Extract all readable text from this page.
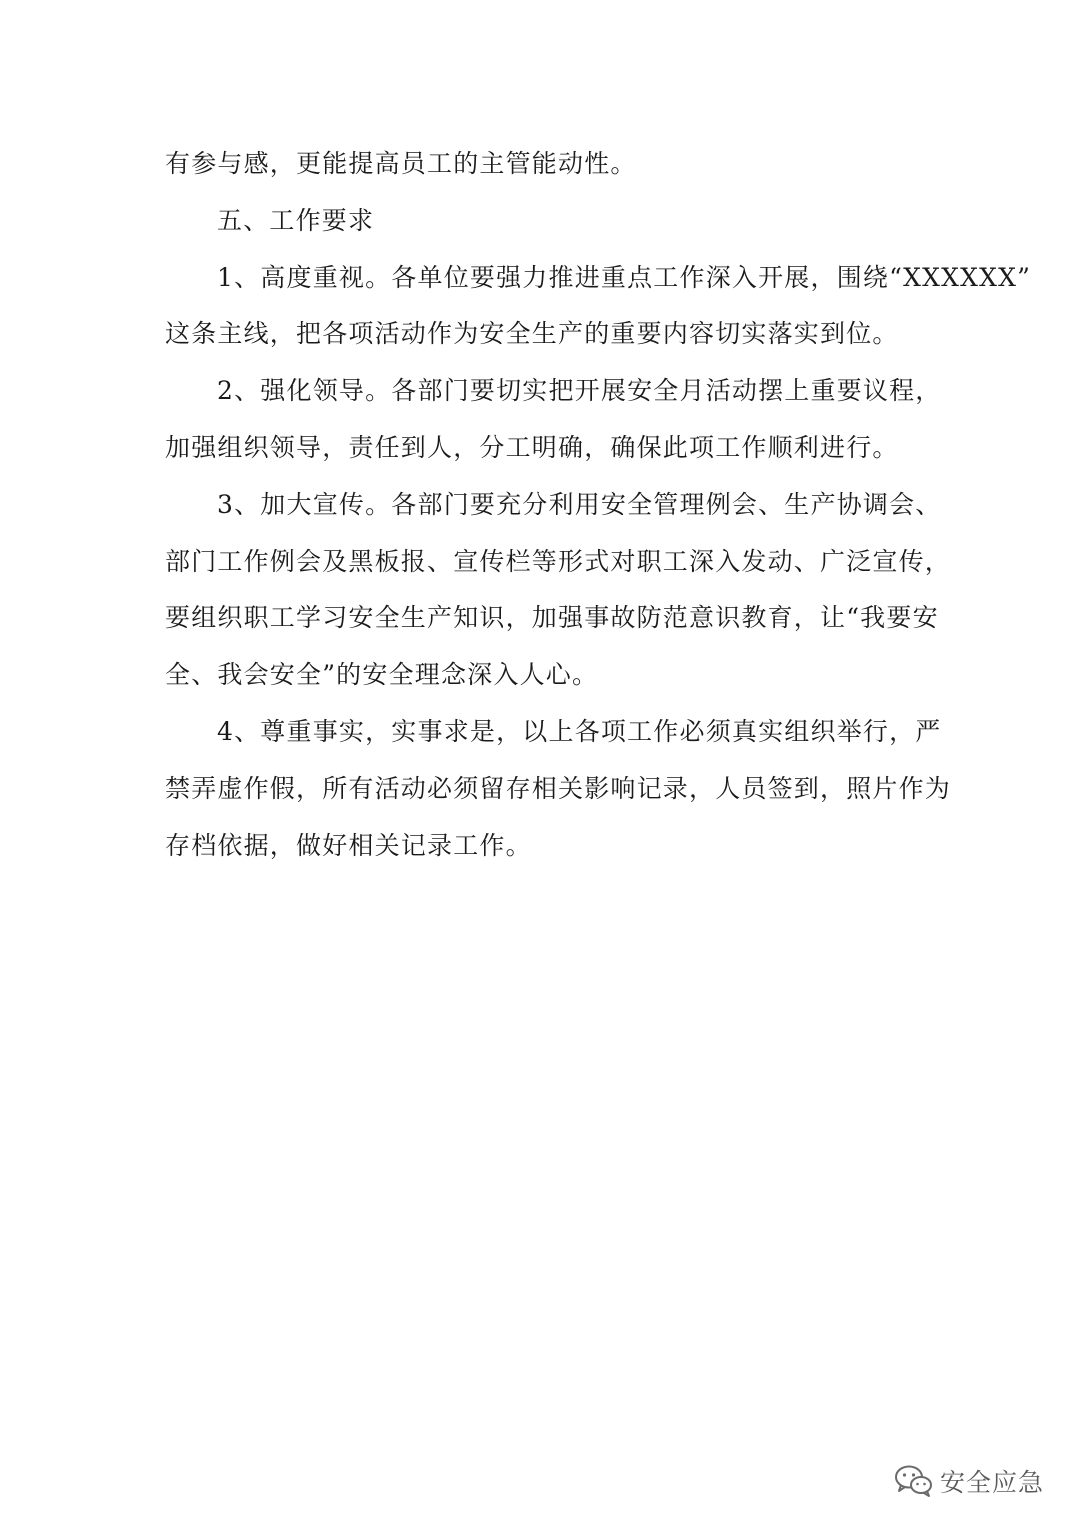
有参与感，更能提高员工的主管能动性。
五、工作要求
1、高度重视。各单位要强力推进重点工作深入开展，围绕“XXXXXX”
这条主线，把各项活动作为安全生产的重要内容切实落实到位。
2、强化领导。各部门要切实把开展安全月活动摆上重要议程，
加强组织领导，责任到人，分工明确，确保此项工作顺利进行。
3、加大宣传。各部门要充分利用安全管理例会、生产协调会、
部门工作例会及黑板报、宣传栏等形式对职工深入发动、广泛宣传，
要组织职工学习安全生产知识，加强事故防范意识教育，让“我要安
全、我会安全”的安全理念深入人心。
4、尊重事实，实事求是，以上各项工作必须真实组织举行，严
禁弄虚作假，所有活动必须留存相关影响记录，人员签到，照片作为
存档依据，做好相关记录工作。
安全应急
